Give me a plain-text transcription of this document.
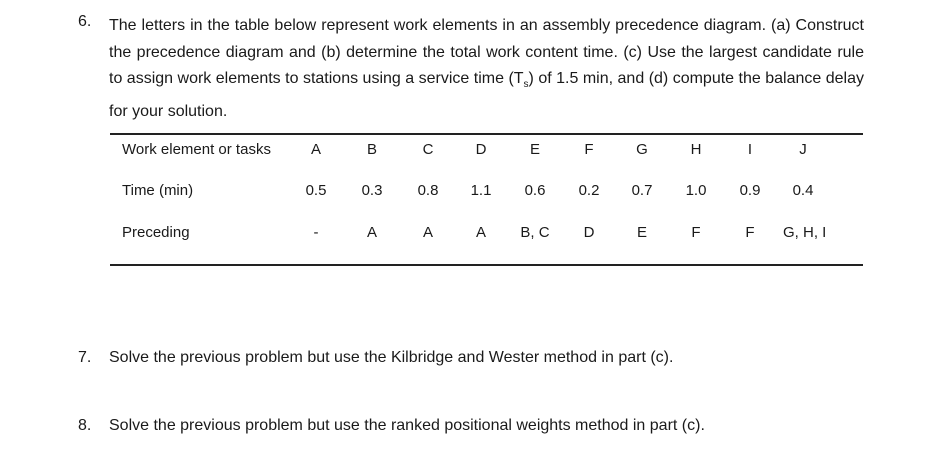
6. The letters in the table below represent work elements in an assembly precedence diagram. (a) Construct the precedence diagram and (b) determine the total work content time. (c) Use the largest candidate rule to assign work elements to stations using a service time $(T_s)$ of 1.5 min, and (d) compute the balance delay for your solution.
Work element or tasks	A	B	C	D	E	F	G	H	I	J
Time (min)	0.5	0.3	0.8	1.1	0.6	0.2	0.7	1.0	0.9	0.4
Preceding	-	A	A	A	B, C	D	E	F	F	G, H, I
7. Solve the previous problem but use the Kilbridge and Wester method in part (c).
8. Solve the previous problem but use the ranked positional weights method in part (c).
